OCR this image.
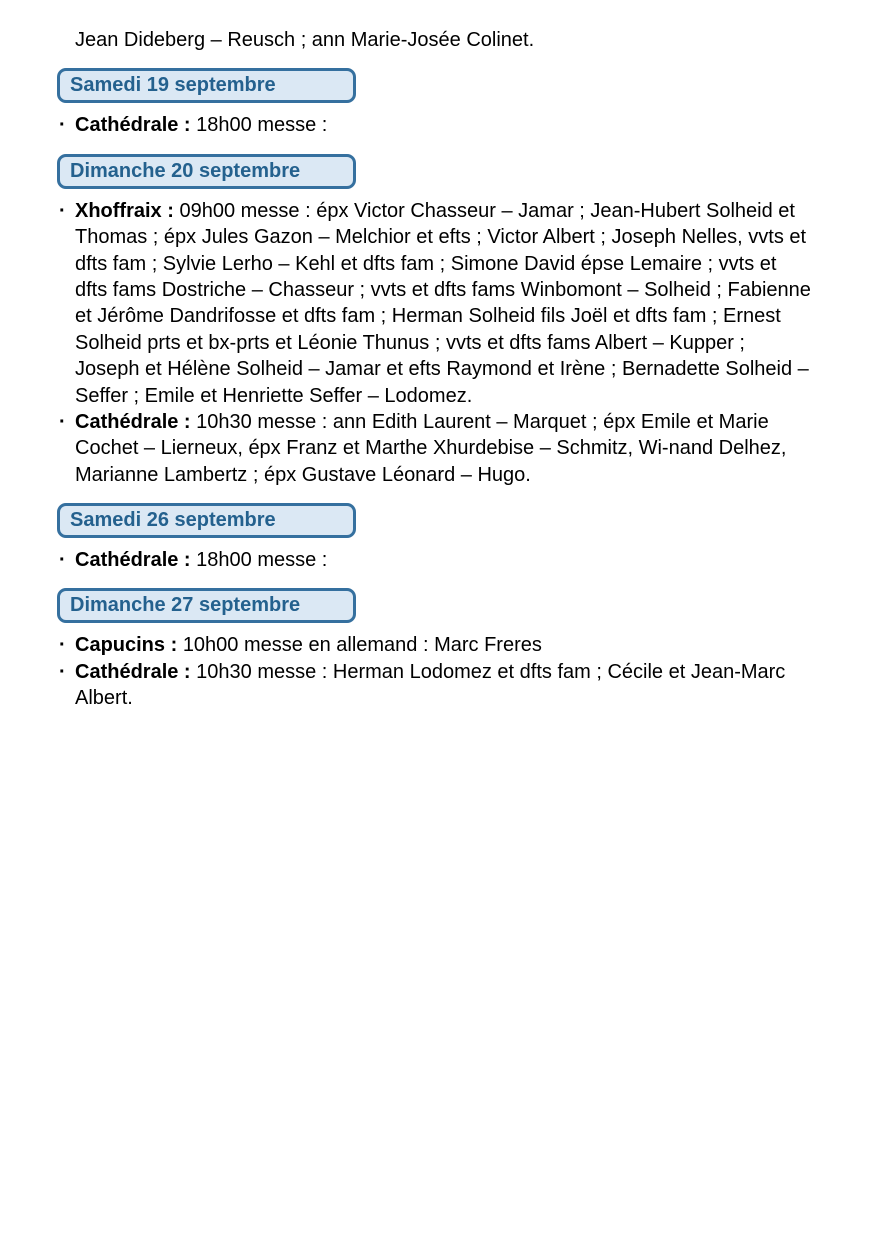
Jean Dideberg – Reusch ; ann Marie-Josée Colinet.

Samedi 19 septembre
· Cathédrale : 18h00 messe :
Dimanche 20 septembre
· Xhoffraix : 09h00 messe : épx Victor Chasseur – Jamar ; Jean-Hubert Solheid et Thomas ; épx Jules Gazon – Melchior et efts ; Victor Albert ; Joseph Nelles, vvts et dfts fam ; Sylvie Lerho – Kehl et dfts fam ; Simone David épse Lemaire ; vvts et dfts fams Dostriche – Chasseur ; vvts et dfts fams Winbomont – Solheid ; Fabienne et Jérôme Dandrifosse et dfts fam ; Herman Solheid fils Joël et dfts fam ; Ernest Solheid prts et bx-prts et Léonie Thunus ; vvts et dfts fams Albert – Kupper ; Joseph et Hélène Solheid – Jamar et efts Raymond et Irène ; Bernadette Solheid – Seffer ; Emile et Henriette Seffer – Lodomez.
· Cathédrale : 10h30 messe : ann Edith Laurent – Marquet ; épx Emile et Marie Cochet – Lierneux, épx Franz et Marthe Xhurdebise – Schmitz, Wi-nand Delhez, Marianne Lambertz ; épx Gustave Léonard – Hugo.
Samedi 26 septembre
· Cathédrale : 18h00 messe :
Dimanche 27 septembre
· Capucins : 10h00 messe en allemand : Marc Freres
· Cathédrale : 10h30 messe : Herman Lodomez et dfts fam ; Cécile et Jean-Marc Albert.
